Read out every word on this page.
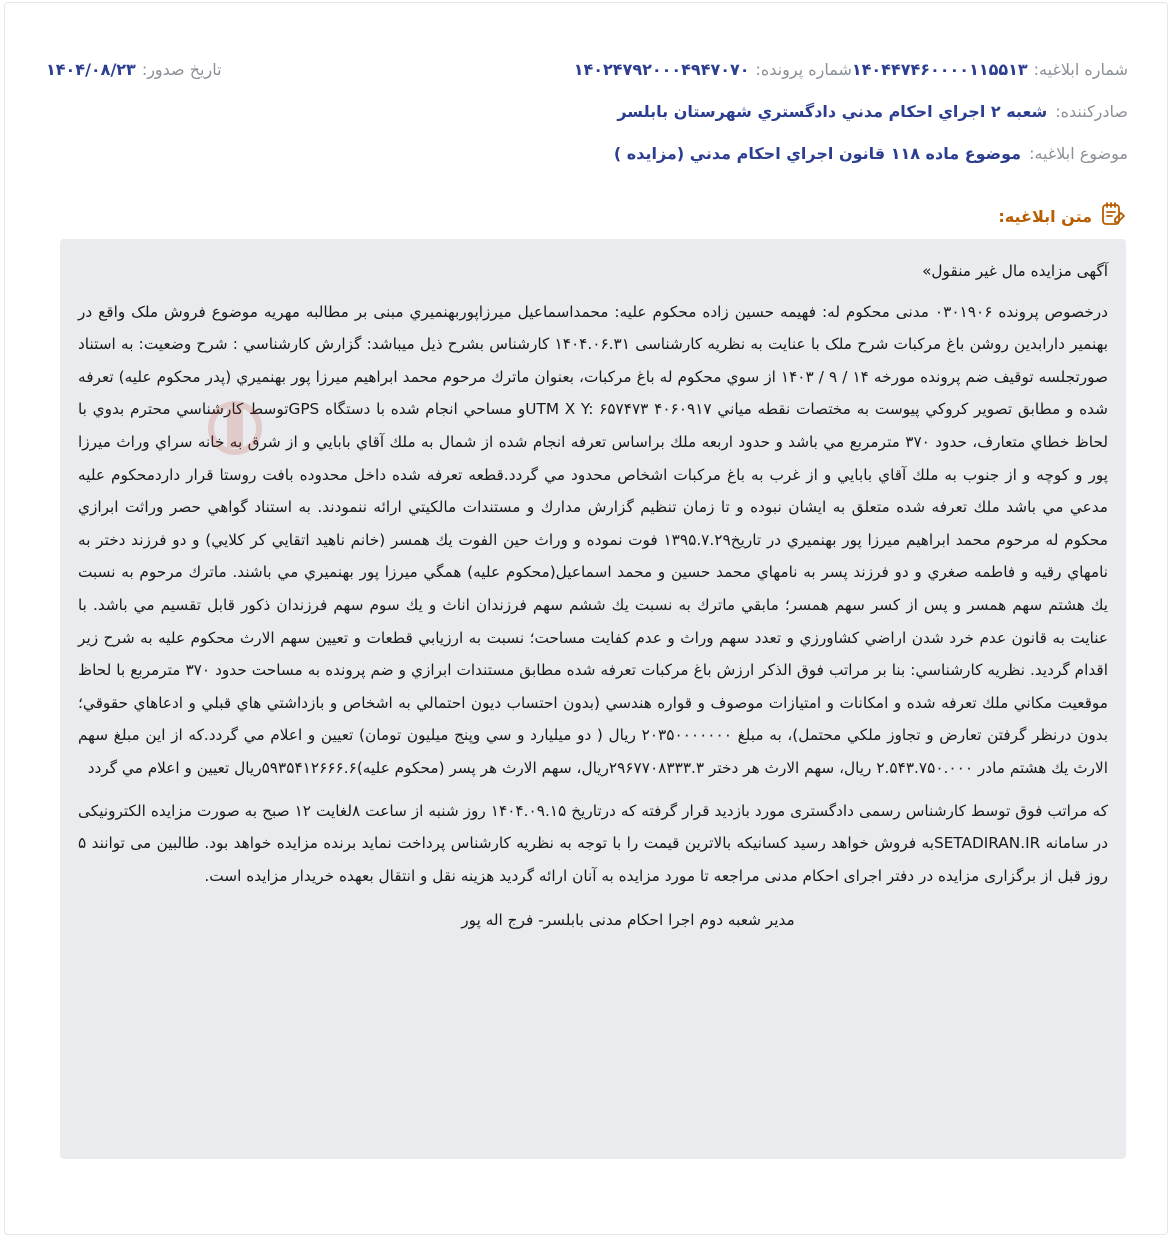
شماره ابلاغیه:
۱۴۰۴۴۷۴۶۰۰۰۰۱۱۵۵۱۳
شماره پرونده:
۱۴۰۲۴۷۹۲۰۰۰۴۹۴۷۰۷۰
تاریخ صدور:
۱۴۰۴/۰۸/۲۳
صادرکننده:
شعبه ۲ اجراي احكام مدني دادگستري شهرستان بابلسر
موضوع ابلاغیه:
موضوع ماده ۱۱۸ قانون اجراي احكام مدني (مزايده )
متن ابلاغیه:

آگهی مزایده مال غیر منقول»

درخصوص پرونده ۰۳۰۱۹۰۶ مدنی محکوم له: فهیمه حسین زاده محکوم علیه: محمداسماعیل میرزاپوربهنمیري مبنی بر مطالبه مهریه موضوع فروش ملک واقع در بهنمیر دارابدین روشن باغ مرکبات شرح ملک با عنایت به نظریه کارشناسی ۱۴۰۴.۰۶.۳۱ کارشناس بشرح ذیل میباشد: گزارش کارشناسي : شرح وضعيت: به استناد صورتجلسه توقيف ضم پرونده مورخه ۱۴ / ۹ / ۱۴۰۳ از سوي محكوم له باغ مركبات، بعنوان ماترك مرحوم محمد ابراهيم ميرزا پور بهنميري (پدر محكوم عليه) تعرفه شده و مطابق تصوير كروكي پيوست به مختصات نقطه مياني ۴۰۶۰۹۱۷ UTM X Y: ۶۵۷۴۷۳و مساحي انجام شده با دستگاه GPSتوسط كارشناسي محترم بدوي با لحاظ خطاي متعارف، حدود ۳۷۰ مترمربع مي باشد و حدود اربعه ملك براساس تعرفه انجام شده از شمال به ملك آقاي بابايي و از شرق به خانه سراي وراث ميرزا پور و كوچه و از جنوب به ملك آقاي بابايي و از غرب به باغ مركبات اشخاص محدود مي گردد.قطعه تعرفه شده داخل محدوده بافت روستا قرار داردمحكوم عليه مدعي مي باشد ملك تعرفه شده متعلق به ايشان نبوده و تا زمان تنظيم گزارش مدارك و مستندات مالكيتي ارائه ننمودند. به استناد گواهي حصر وراثت ابرازي محكوم له مرحوم محمد ابراهيم ميرزا پور بهنميري در تاريخ۱۳۹۵.۷.۲۹ فوت نموده و وراث حين الفوت يك همسر (خانم ناهيد اتقايي كر كلايي) و دو فرزند دختر به نامهاي رقيه و فاطمه صغري و دو فرزند پسر به نامهاي محمد حسين و محمد اسماعيل(محكوم عليه) همگي ميرزا پور بهنميري مي باشند. ماترك مرحوم به نسبت يك هشتم سهم همسر و پس از كسر سهم همسر؛ مابقي ماترك به نسبت يك ششم سهم فرزندان اناث و يك سوم سهم فرزندان ذكور قابل تقسيم مي باشد. با عنايت به قانون عدم خرد شدن اراضي كشاورزي و تعدد سهم وراث و عدم كفايت مساحت؛ نسبت به ارزيابي قطعات و تعيين سهم الارث محكوم عليه به شرح زير اقدام گرديد. نظريه كارشناسي: بنا بر مراتب فوق الذكر ارزش باغ مركبات تعرفه شده مطابق مستندات ابرازي و ضم پرونده به مساحت حدود ۳۷۰ مترمربع با لحاظ موقعيت مكاني ملك تعرفه شده و امكانات و امتيازات موصوف و قواره هندسي (بدون احتساب ديون احتمالي به اشخاص و بازداشتي هاي قبلي و ادعاهاي حقوقي؛ بدون درنظر گرفتن تعارض و تجاوز ملكي محتمل)، به مبلغ ۲۰۳۵۰۰۰۰۰۰۰ ريال ( دو ميليارد و سي وپنج ميليون تومان) تعيين و اعلام مي گردد.كه از اين مبلغ سهم الارث يك هشتم مادر ۲.۵۴۳.۷۵۰.۰۰۰ ريال، سهم الارث هر دختر ۲۹۶۷۷۰۸۳۳۳.۳ريال، سهم الارث هر پسر (محكوم عليه)۵۹۳۵۴۱۲۶۶۶.۶ريال تعيين و اعلام مي گردد

که مراتب فوق توسط کارشناس رسمی دادگستری مورد بازدید قرار گرفته که درتاریخ ۱۴۰۴.۰۹.۱۵ روز شنبه از ساعت ۸لغایت ۱۲ صبح به صورت مزایده الکترونیکی در سامانه SETADIRAN.IRبه فروش خواهد رسید کسانیکه بالاترین قیمت را با توجه به نظریه کارشناس پرداخت نماید برنده مزایده خواهد بود. طالبین می توانند ۵ روز قبل از برگزاری مزایده در دفتر اجرای احکام مدنی مراجعه تا مورد مزایده به آنان ارائه گردید هزینه نقل و انتقال بعهده خریدار مزایده است.

مدیر شعبه دوم اجرا احکام مدنی بابلسر- فرج اله پور
